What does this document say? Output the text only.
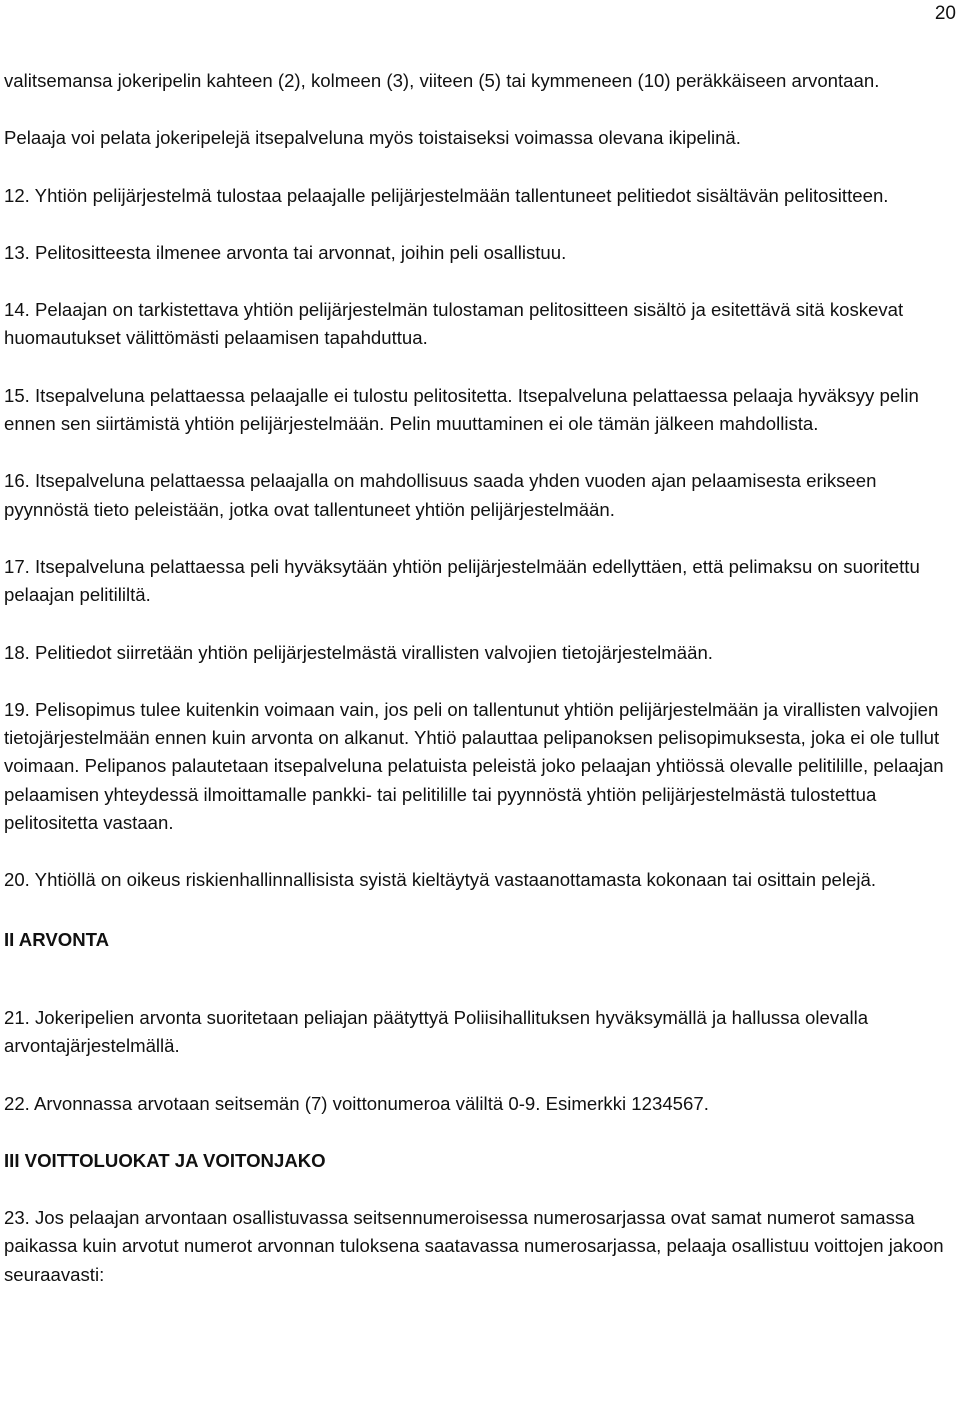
20

valitsemansa jokeripelin kahteen (2), kolmeen (3), viiteen (5) tai kymmeneen (10) peräkkäiseen arvontaan.

Pelaaja voi pelata jokeripelejä itsepalveluna myös toistaiseksi voimassa olevana ikipelinä.

12. Yhtiön pelijärjestelmä tulostaa pelaajalle pelijärjestelmään tallentuneet pelitiedot sisältävän pelitositteen.

13. Pelitositteesta ilmenee arvonta tai arvonnat, joihin peli osallistuu.

14. Pelaajan on tarkistettava yhtiön pelijärjestelmän tulostaman pelitositteen sisältö ja esitettävä sitä koskevat huomautukset välittömästi pelaamisen tapahduttua.

15. Itsepalveluna pelattaessa pelaajalle ei tulostu pelitositetta. Itsepalveluna pelattaessa pelaaja hyväksyy pelin ennen sen siirtämistä yhtiön pelijärjestelmään. Pelin muuttaminen ei ole tämän jälkeen mahdollista.

16. Itsepalveluna pelattaessa pelaajalla on mahdollisuus saada yhden vuoden ajan pelaamisesta erikseen pyynnöstä tieto peleistään, jotka ovat tallentuneet yhtiön pelijärjestelmään.

17. Itsepalveluna pelattaessa peli hyväksytään yhtiön pelijärjestelmään edellyttäen, että pelimaksu on suoritettu pelaajan pelitililtä.

18. Pelitiedot siirretään yhtiön pelijärjestelmästä virallisten valvojien tietojärjestelmään.

19. Pelisopimus tulee kuitenkin voimaan vain, jos peli on tallentunut yhtiön pelijärjestelmään ja virallisten valvojien tietojärjestelmään ennen kuin arvonta on alkanut. Yhtiö palauttaa pelipanoksen pelisopimuksesta, joka ei ole tullut voimaan. Pelipanos palautetaan itsepalveluna pelatuista peleistä joko pelaajan yhtiössä olevalle pelitilille, pelaajan pelaamisen yhteydessä ilmoittamalle pankki- tai pelitilille tai pyynnöstä yhtiön pelijärjestelmästä tulostettua pelitositetta vastaan.

20. Yhtiöllä on oikeus riskienhallinnallisista syistä kieltäytyä vastaanottamasta kokonaan tai osittain pelejä.

II ARVONTA

21. Jokeripelien arvonta suoritetaan peliajan päätyttyä Poliisihallituksen hyväksymällä ja hallussa olevalla arvontajärjestelmällä.

22. Arvonnassa arvotaan seitsemän (7) voittonumeroa väliltä 0-9. Esimerkki 1234567.

III VOITTOLUOKAT JA VOITONJAKO

23. Jos pelaajan arvontaan osallistuvassa seitsennumeroisessa numerosarjassa ovat samat numerot samassa paikassa kuin arvotut numerot arvonnan tuloksena saatavassa numerosarjassa, pelaaja osallistuu voittojen jakoon seuraavasti:
